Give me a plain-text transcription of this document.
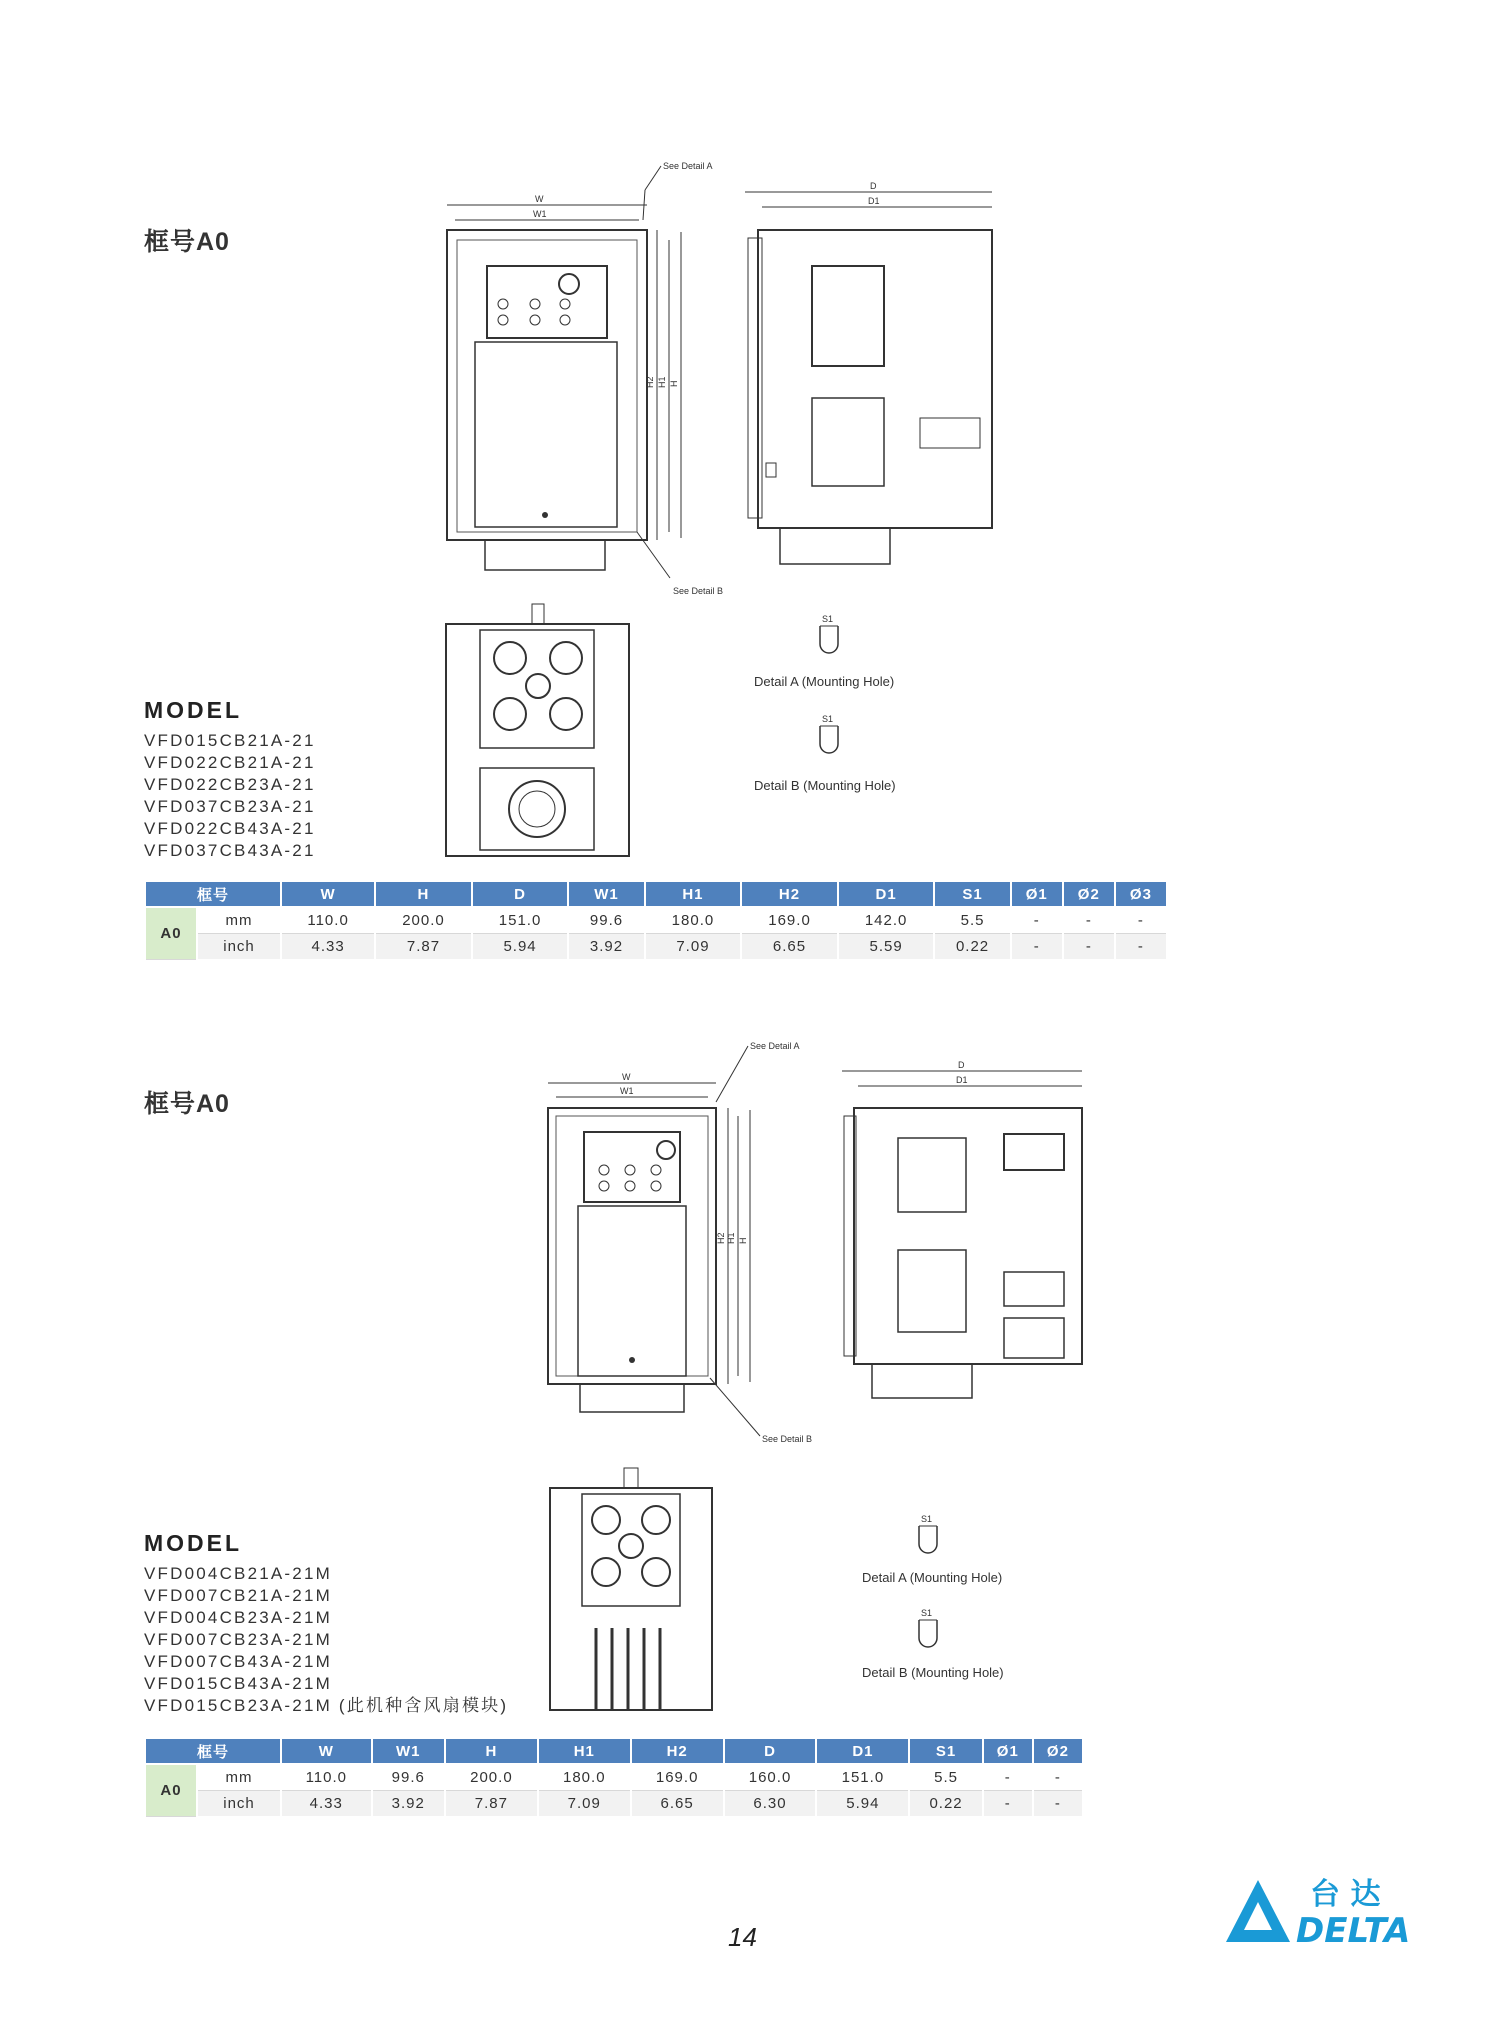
框号A0
See Detail A
W
W1
H2 H1 H
See Detail B
D
D1
S1
Detail A (Mounting Hole)
S1
Detail B (Mounting Hole)
MODEL
VFD015CB21A-21
VFD022CB21A-21
VFD022CB23A-21
VFD037CB23A-21
VFD022CB43A-21
VFD037CB43A-21
框号		W	H	D	W1	H1	H2	D1	S1	Ø1	Ø2	Ø3
A0	mm	110.0	200.0	151.0	99.6	180.0	169.0	142.0	5.5	-	-	-
	inch	4.33	7.87	5.94	3.92	7.09	6.65	5.59	0.22	-	-	-
框号A0
See Detail A
W
W1
H2 H1 H
See Detail B
D
D1
S1
Detail A (Mounting Hole)
S1
Detail B (Mounting Hole)
MODEL
VFD004CB21A-21M
VFD007CB21A-21M
VFD004CB23A-21M
VFD007CB23A-21M
VFD007CB43A-21M
VFD015CB43A-21M
VFD015CB23A-21M (此机种含风扇模块)
框号		W	W1	H	H1	H2	D	D1	S1	Ø1	Ø2
A0	mm	110.0	99.6	200.0	180.0	169.0	160.0	151.0	5.5	-	-
	inch	4.33	3.92	7.87	7.09	6.65	6.30	5.94	0.22	-	-
14
台 达
DELTA
